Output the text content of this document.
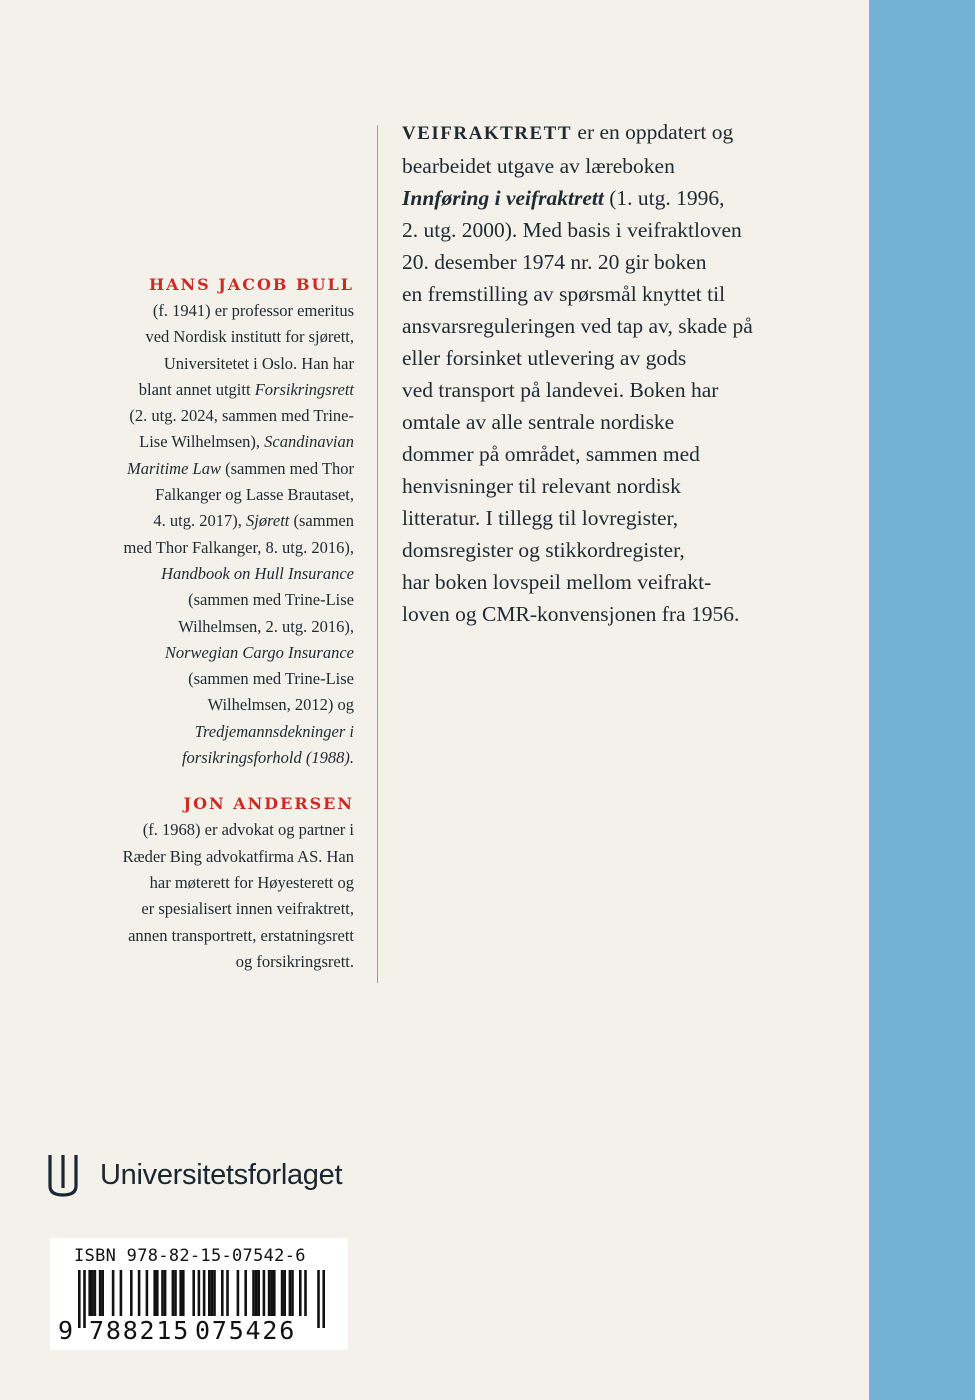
HANS JACOB BULL

(f. 1941) er professor emeritus
ved Nordisk institutt for sjørett,
Universitetet i Oslo. Han har
blant annet utgitt Forsikringsrett
(2. utg. 2024, sammen med Trine-
Lise Wilhelmsen), Scandinavian
Maritime Law (sammen med Thor
Falkanger og Lasse Brautaset,
4. utg. 2017), Sjørett (sammen
med Thor Falkanger, 8. utg. 2016),
Handbook on Hull Insurance
(sammen med Trine-Lise
Wilhelmsen, 2. utg. 2016),
Norwegian Cargo Insurance
(sammen med Trine-Lise
Wilhelmsen, 2012) og
Tredjemannsdekninger i
forsikringsforhold (1988).

JON ANDERSEN

(f. 1968) er advokat og partner i
Ræder Bing advokatfirma AS. Han
har møterett for Høyesterett og
er spesialisert innen veifraktrett,
annen transportrett, erstatningsrett
og forsikringsrett.

VEIFRAKTRETT er en oppdatert og
bearbeidet utgave av læreboken
Innføring i veifraktrett (1. utg. 1996,
2. utg. 2000). Med basis i veifraktloven
20. desember 1974 nr. 20 gir boken
en fremstilling av spørsmål knyttet til
ansvarsreguleringen ved tap av, skade på
eller forsinket utlevering av gods
ved transport på landevei. Boken har
omtale av alle sentrale nordiske
dommer på området, sammen med
henvisninger til relevant nordisk
litteratur. I tillegg til lovregister,
domsregister og stikkordregister,
har boken lovspeil mellom veifrakt-
loven og CMR-konvensjonen fra 1956.

Universitetsforlaget
ISBN 978-82-15-07542-6
9 788215 075426
